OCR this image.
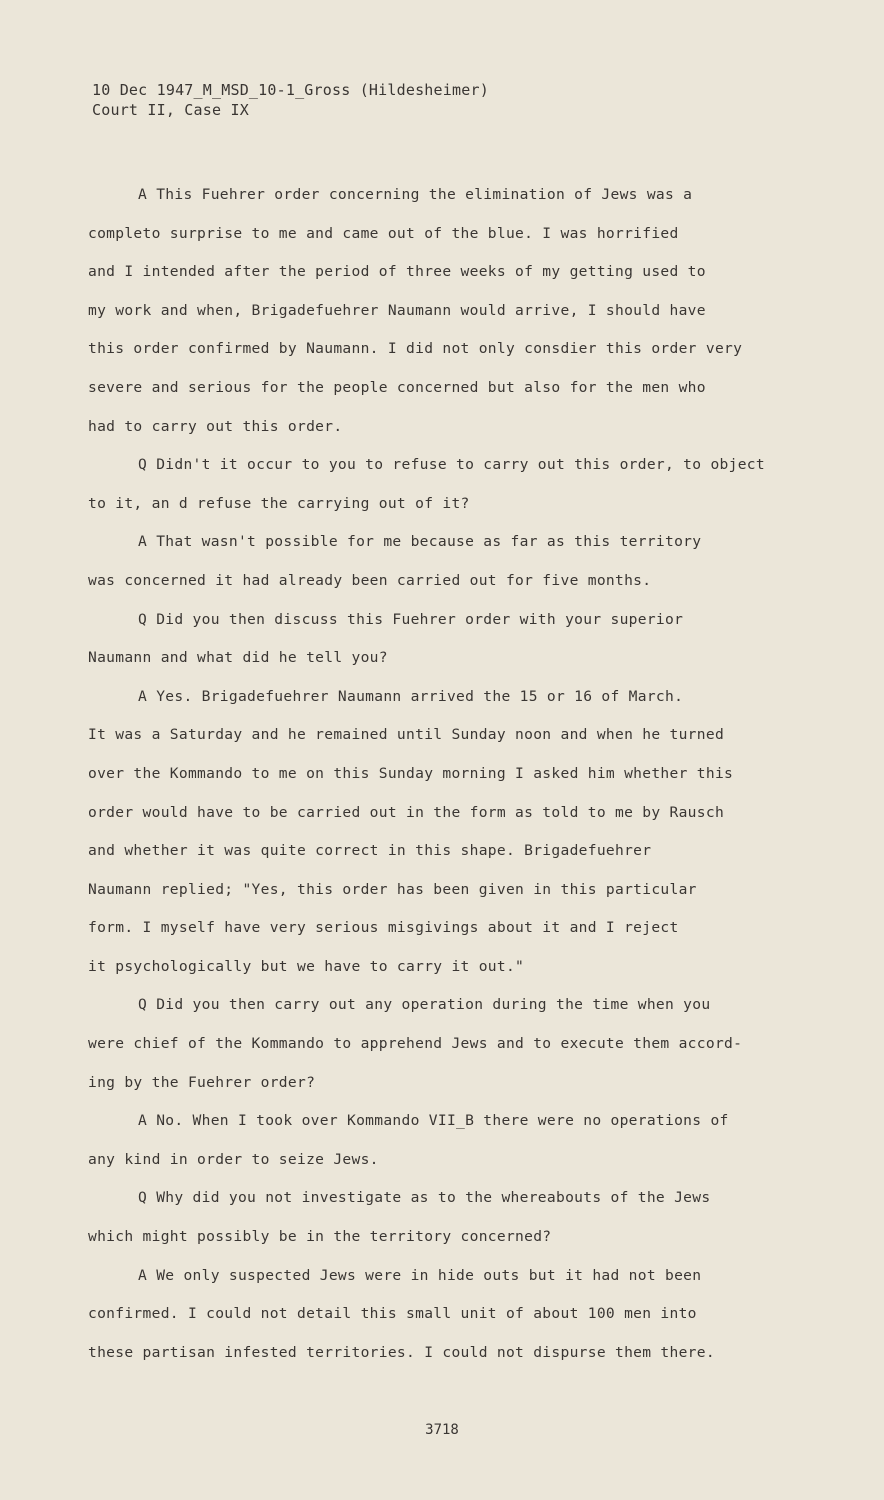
10 Dec 1947_M_MSD_10-1_Gross (Hildesheimer)
Court II, Case IX

A This Fuehrer order concerning the elimination of Jews was a
completo surprise to me and came out of the blue. I was horrified
and I intended after the period of three weeks of my getting used to
my work and when, Brigadefuehrer Naumann would arrive, I should have
this order confirmed by Naumann. I did not only consdier this order very
severe and serious for the people concerned but also for the men who
had to carry out this order.

Q Didn't it occur to you to refuse to carry out this order, to object
to it, an d refuse the carrying out of it?

A That wasn't possible for me because as far as this territory
was concerned it had already been carried out for five months.

Q Did you then discuss this Fuehrer order with your superior
Naumann and what did he tell you?

A Yes. Brigadefuehrer Naumann arrived the 15 or 16 of March.
It was a Saturday and he remained until Sunday noon and when he turned
over the Kommando to me on this Sunday morning I asked him whether this
order would have to be carried out in the form as told to me by Rausch
and whether it was quite correct in this shape. Brigadefuehrer
Naumann replied; "Yes, this order has been given in this particular
form. I myself have very serious misgivings about it and I reject
it psychologically but we have to carry it out."

Q Did you then carry out any operation during the time when you
were chief of the Kommando to apprehend Jews and to execute them accord-
ing by the Fuehrer order?

A No. When I took over Kommando VII_B there were no operations of
any kind in order to seize Jews.

Q Why did you not investigate as to the whereabouts of the Jews
which might possibly be in the territory concerned?

A We only suspected Jews were in hide outs but it had not been
confirmed. I could not detail this small unit of about 100 men into
these partisan infested territories. I could not dispurse them there.

3718
